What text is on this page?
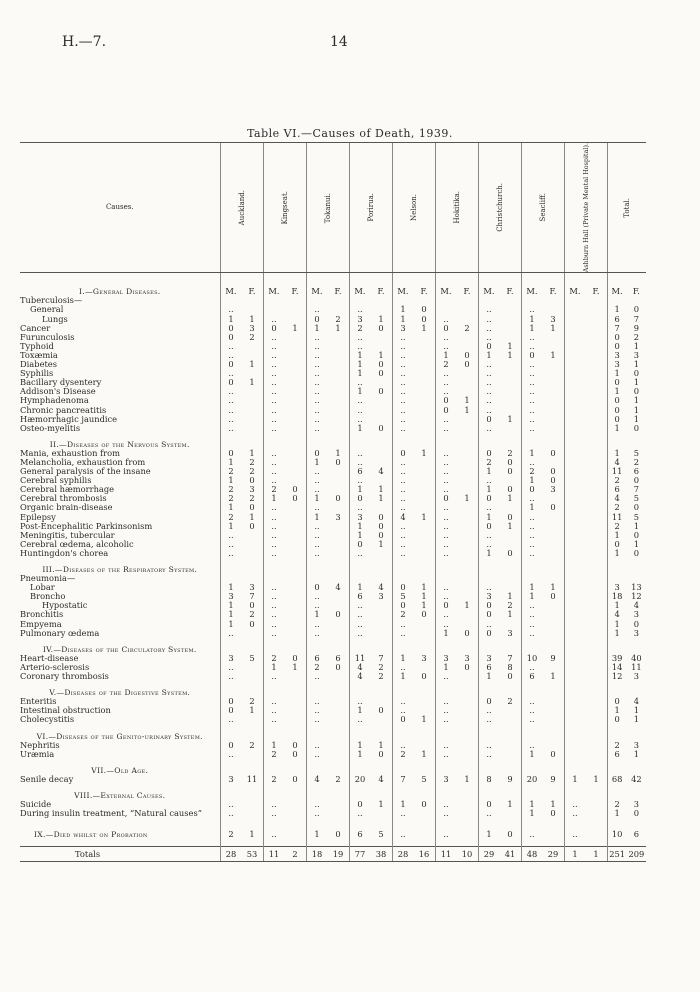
H.—7.	14
Table VI.—Causes of Death, 1939.
Causes.	Auckland.	Kingseat.	Tokanui.	Porirua.	Nelson.	Hokitika.	Christchurch.	Seacliff.	Ashburn Hall (Private Mental Hospital).	Total.

I.—General Diseases.	M. F.	M. F.	M. F.	M. F.	M. F.	M. F.	M. F.	M. F.	M. F.	M. F.

Tuberculosis—	

General	..		..	..	1 0		..	..		1 0

Lungs	1 1	..	0 2	3 1	1 0	..	..	1 3		6 7

Cancer	0 3	0 1	1 1	2 0	3 1	0 2	..	1 1		7 9

Furunculosis	0 2	..	..	..	..	..	..	..		0 2

Typhoid	..	..	..	..	..	..	0 1	..		0 1

Toxæmia	..	..	..	1 1	..	1 0	1 1	0 1		3 3

Diabetes	0 1	..	..	1 0	..	2 0	..	..		3 1

Syphilis	..	..	..	1 0	..	..	..	..		1 0

Bacillary dysentery	0 1	..	..	..	..	..	..	..		0 1

Addison's Disease	..	..	..	1 0	..	..	..	..		1 0

Hymphadenoma	..	..	..	..	..	0 1	..	..		0 1

Chronic pancreatitis	..	..	..	..	..	0 1	..	..		0 1

Hæmorrhagic jaundice	..	..	..	..	..	..	0 1	..		0 1

Osteo-myelitis	..	..	..	1 0	..	..	..	..		1 0

II.—Diseases of the Nervous System.										

Mania, exhaustion from	0 1	..	0 1	..	0 1	..	0 2	1 0		1 5

Melancholia, exhaustion from	1 2	..	1 0	..	..	..	2 0	..		4 2

General paralysis of the insane	2 2	..	..	6 4	..	..	1 0	2 0		11 6

Cerebral syphilis	1 0	..	..	..	..	..	..	1 0		2 0

Cerebral hæmorrhage	2 3	2 0	..	1 1	..	..	1 0	0 3		6 7

Cerebral thrombosis	2 2	1 0	1 0	0 1	..	0 1	0 1	..		4 5

Organic brain-disease	1 0	..	..	..	..	..	..	1 0		2 0

Epilepsy	2 1	..	1 3	3 0	4 1	..	1 0	..		11 5

Post-Encephalitic Parkinsonism	1 0	..	..	1 0	..	..	0 1	..		2 1

Meningitis, tubercular	..	..	..	1 0	..	..	..	..		1 0

Cerebral œdema, alcoholic	..	..	..	0 1	..	..	..	..		0 1

Huntingdon's chorea	..	..	..	..	..	..	1 0	..		1 0

III.—Diseases of the Respiratory System.										

Pneumonia—	

Lobar	1 3	..	0 4	1 4	0 1	..	..	1 1		3 13

Broncho	3 7	..	..	6 3	5 1	..	3 1	1 0		18 12

Hypostatic	1 0	..	..	..	0 1	0 1	0 2	..		1 4

Bronchitis	1 2	..	1 0	..	2 0	..	0 1	..		4 3

Empyema	1 0	..	..	..	..	..	..	..		1 0

Pulmonary œdema	..	..	..	..	..	1 0	0 3	..		1 3

IV.—Diseases of the Circulatory System.										

Heart-disease	3 5	2 0	6 6	11 7	1 3	3 3	3 7	10 9		39 40

Arterio-sclerosis	..	1 1	2 0	4 2	..	1 0	6 8	..		14 11

Coronary thrombosis	..	..	..	4 2	1 0	..	1 0	6 1		12 3

V.—Diseases of the Digestive System.										

Enteritis	0 2	..	..	..	..	..	0 2	..		0 4

Intestinal obstruction	0 1	..	..	1 0	..	..	..	..		1 1

Cholecystitis	..	..	..	..	0 1	..	..	..		0 1

VI.—Diseases of the Genito-urinary System.										

Nephritis	0 2	1 0	..	1 1	..	..	..	..		2 3

Uræmia	..	2 0	..	1 0	2 1	..	..	1 0		6 1

VII.—Old Age.										

Senile decay	3 11	2 0	4 2	20 4	7 5	3 1	8 9	20 9	1 1	68 42

VIII.—External Causes.										

Suicide	..	..	..	0 1	1 0	..	0 1	1 1	..	2 3

During insulin treatment, “Natural causes”	..	..	..	..	..	..	..	1 0	..	1 0

IX.—Died whilst on Probation	2 1	..	1 0	6 5	..	..	1 0	..	..	10 6

Totals	28 53	11 2	18 19	77 38	28 16	11 10	29 41	48 29	1 1	251 209
